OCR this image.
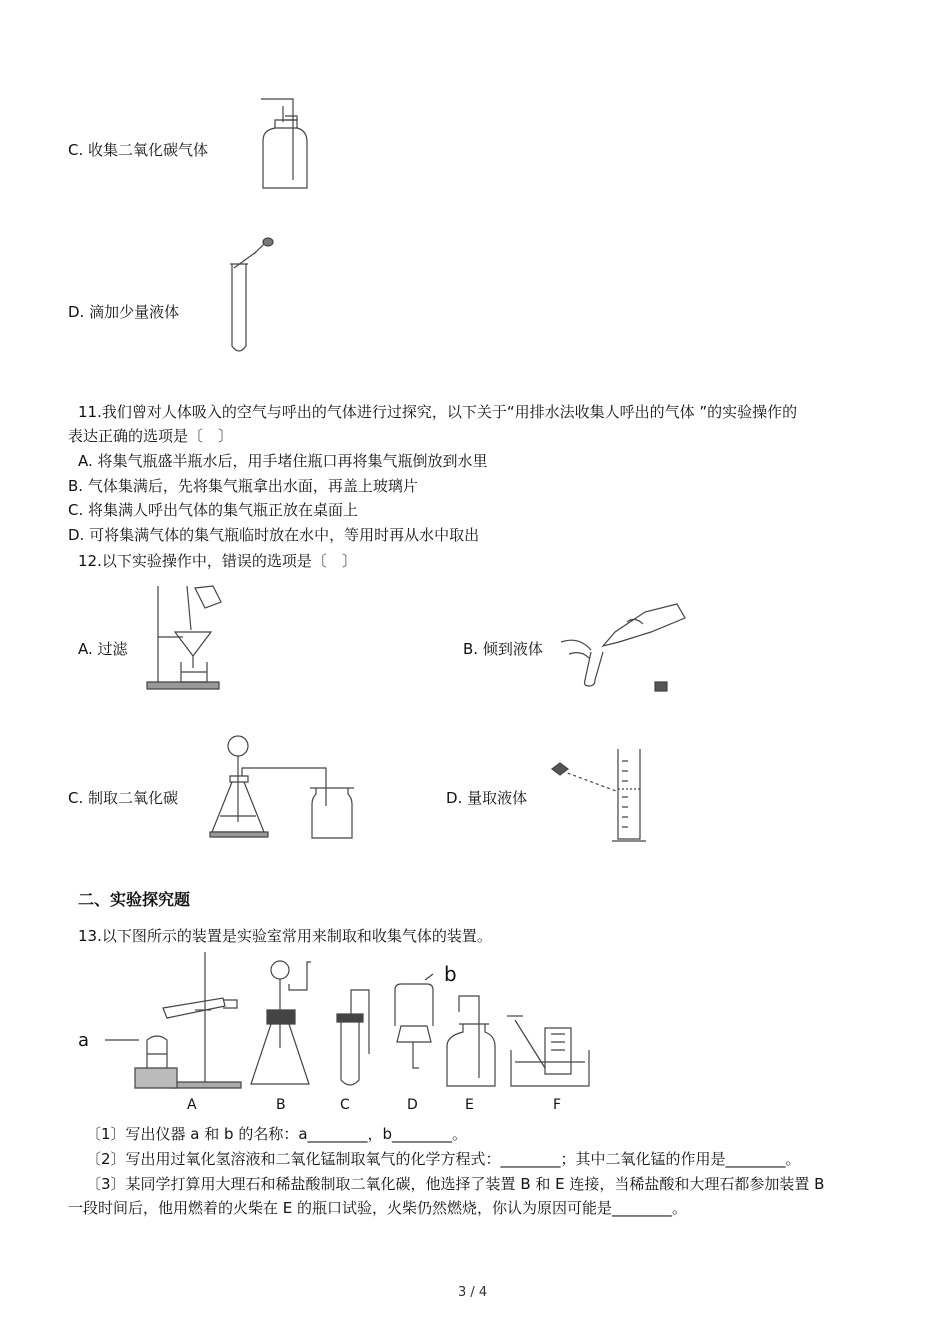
C. 收集二氧化碳气体
D. 滴加少量液体
11.我们曾对人体吸入的空气与呼出的气体进行过探究，以下关于“用排水法收集人呼出的气体 ”的实验操作的
表达正确的选项是〔　〕
A. 将集气瓶盛半瓶水后，用手堵住瓶口再将集气瓶倒放到水里
B. 气体集满后，先将集气瓶拿出水面，再盖上玻璃片
C. 将集满人呼出气体的集气瓶正放在桌面上
D. 可将集满气体的集气瓶临时放在水中，等用时再从水中取出
12.以下实验操作中，错误的选项是〔　〕
A. 过滤	B. 倾到液体
C. 制取二氧化碳	D. 量取液体
二、实验探究题
13.以下图所示的装置是实验室常用来制取和收集气体的装置。
a
b
A	B	C	D	E	F
〔1〕写出仪器 a 和 b 的名称：a________，b________。
〔2〕写出用过氧化氢溶液和二氧化锰制取氧气的化学方程式：________；其中二氧化锰的作用是________。
〔3〕某同学打算用大理石和稀盐酸制取二氧化碳，他选择了装置 B 和 E 连接，当稀盐酸和大理石都参加装置 B
一段时间后，他用燃着的火柴在 E 的瓶口试验，火柴仍然燃烧，你认为原因可能是________。
3 / 4
